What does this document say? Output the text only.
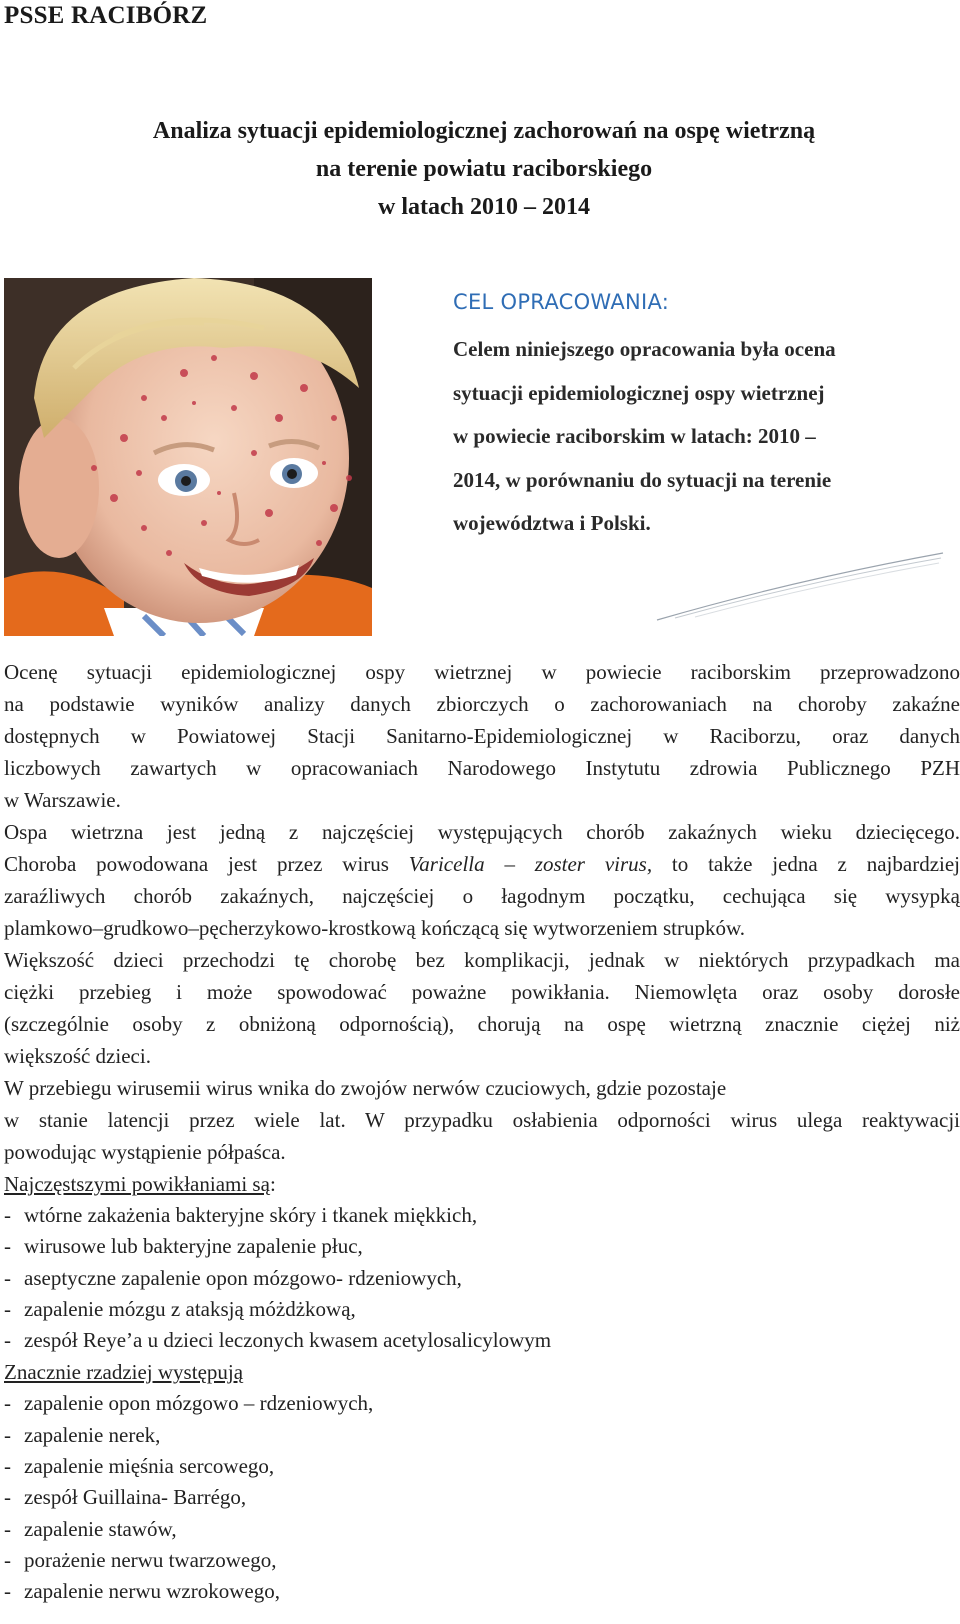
PSSE RACIBÓRZ
Analiza sytuacji epidemiologicznej zachorowań na ospę wietrzną
na terenie powiatu raciborskiego
w latach 2010 – 2014
CEL OPRACOWANIA:
Celem niniejszego opracowania była ocena
sytuacji epidemiologicznej ospy wietrznej
w powiecie raciborskim w latach: 2010 –
2014, w porównaniu do sytuacji na terenie
województwa i Polski.

Ocenę sytuacji epidemiologicznej ospy wietrznej w powiecie raciborskim przeprowadzono

na podstawie wyników analizy danych zbiorczych o zachorowaniach na choroby zakaźne

dostępnych w Powiatowej Stacji Sanitarno-Epidemiologicznej w Raciborzu, oraz danych

liczbowych zawartych w opracowaniach Narodowego Instytutu zdrowia Publicznego PZH

w Warszawie.

Ospa wietrzna jest jedną z najczęściej występujących chorób zakaźnych wieku dziecięcego.

Choroba powodowana jest przez wirus Varicella – zoster virus, to także jedna z najbardziej

zaraźliwych chorób zakaźnych, najczęściej o łagodnym początku, cechująca się wysypką

plamkowo–grudkowo–pęcherzykowo-krostkową kończącą się wytworzeniem strupków.

Większość dzieci przechodzi tę chorobę bez komplikacji, jednak w niektórych przypadkach ma

ciężki przebieg i może spowodować poważne powikłania. Niemowlęta oraz osoby dorosłe

(szczególnie osoby z obniżoną odpornością), chorują na ospę wietrzną znacznie ciężej niż

większość dzieci.

W przebiegu wirusemii wirus wnika do zwojów nerwów czuciowych, gdzie pozostaje

w stanie latencji przez wiele lat. W przypadku osłabienia odporności wirus ulega reaktywacji

powodując wystąpienie półpaśca.

Najczęstszymi powikłaniami są:

- wtórne zakażenia bakteryjne skóry i tkanek miękkich,
- wirusowe lub bakteryjne zapalenie płuc,
- aseptyczne zapalenie opon mózgowo- rdzeniowych,
- zapalenie mózgu z ataksją móżdżkową,
- zespół Reye’a u dzieci leczonych kwasem acetylosalicylowym

Znacznie rzadziej występują

- zapalenie opon mózgowo – rdzeniowych,
- zapalenie nerek,
- zapalenie mięśnia sercowego,
- zespół Guillaina- Barrégo,
- zapalenie stawów,
- porażenie nerwu twarzowego,
- zapalenie nerwu wzrokowego,
